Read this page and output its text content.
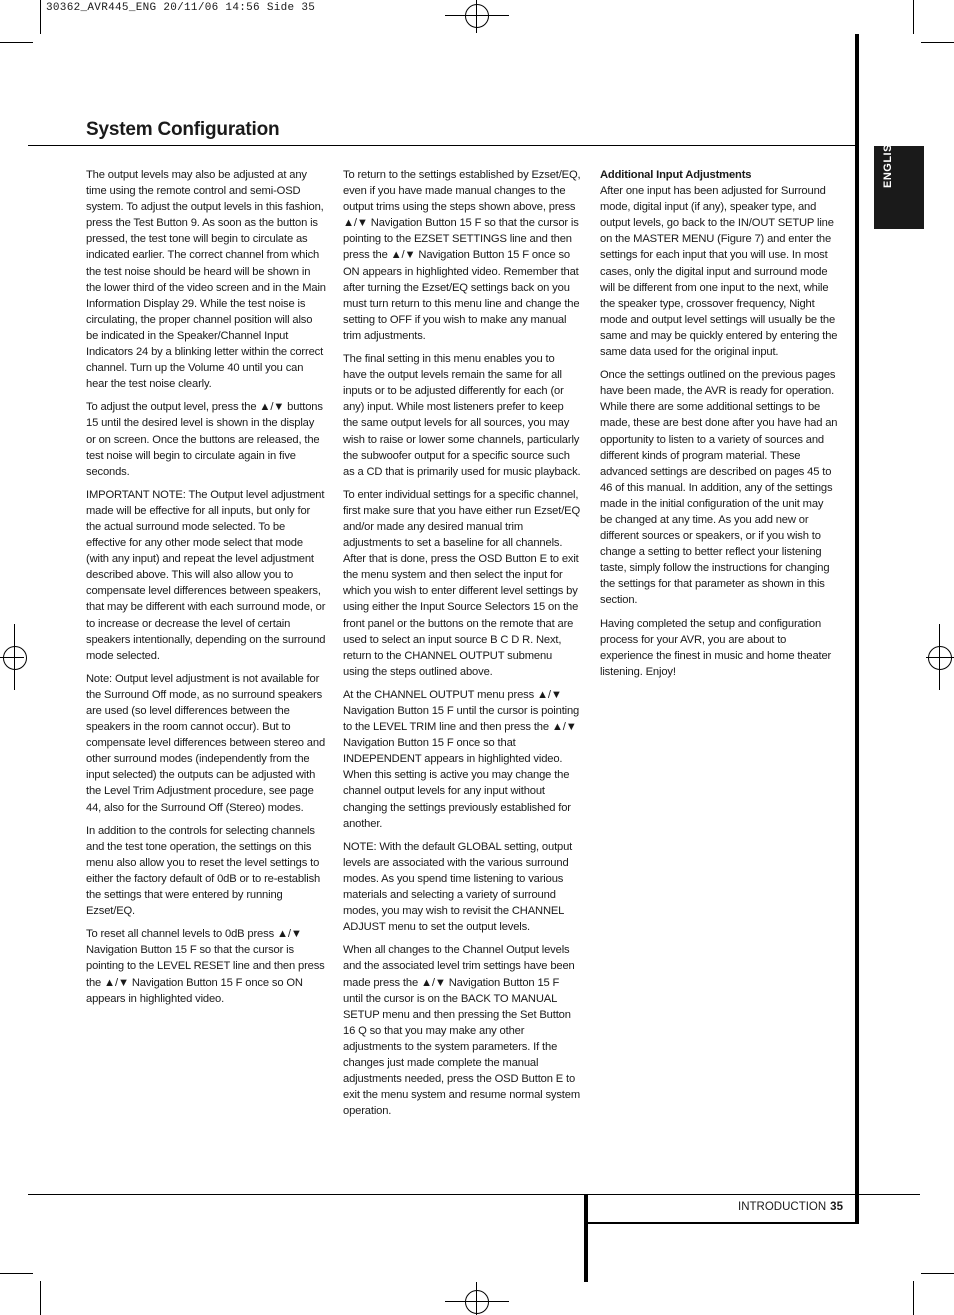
30362_AVR445_ENG 20/11/06 14:56 Side 35
System Configuration
ENGLISH

The output levels may also be adjusted at any time using the remote control and semi-OSD system. To adjust the output levels in this fashion, press the Test Button 9. As soon as the button is pressed, the test tone will begin to circulate as indicated earlier. The correct channel from which the test noise should be heard will be shown in the lower third of the video screen and in the Main Information Display 29. While the test noise is circulating, the proper channel position will also be indicated in the Speaker/Channel Input Indicators 24 by a blinking letter within the correct channel. Turn up the Volume 40 until you can hear the test noise clearly.

To adjust the output level, press the ▲/▼ buttons 15 until the desired level is shown in the display or on screen. Once the buttons are released, the test noise will begin to circulate again in five seconds.

IMPORTANT NOTE: The Output level adjustment made will be effective for all inputs, but only for the actual surround mode selected. To be effective for any other mode select that mode (with any input) and repeat the level adjustment described above. This will also allow you to compensate level differences between speakers, that may be different with each surround mode, or to increase or decrease the level of certain speakers intentionally, depending on the surround mode selected.

Note: Output level adjustment is not available for the Surround Off mode, as no surround speakers are used (so level differences between the speakers in the room cannot occur). But to compensate level differences between stereo and other surround modes (independently from the input selected) the outputs can be adjusted with the Level Trim Adjustment procedure, see page 44, also for the Surround Off (Stereo) modes.

In addition to the controls for selecting channels and the test tone operation, the settings on this menu also allow you to reset the level settings to either the factory default of 0dB or to re-establish the settings that were entered by running Ezset/EQ.

To reset all channel levels to 0dB press ▲/▼ Navigation Button 15 F so that the cursor is pointing to the LEVEL RESET line and then press the ▲/▼ Navigation Button 15 F once so ON appears in highlighted video.

To return to the settings established by Ezset/EQ, even if you have made manual changes to the output trims using the steps shown above, press ▲/▼ Navigation Button 15 F so that the cursor is pointing to the EZSET SETTINGS line and then press the ▲/▼ Navigation Button 15 F once so ON appears in highlighted video. Remember that after turning the Ezset/EQ settings back on you must turn return to this menu line and change the setting to OFF if you wish to make any manual trim adjustments.

The final setting in this menu enables you to have the output levels remain the same for all inputs or to be adjusted differently for each (or any) input. While most listeners prefer to keep the same output levels for all sources, you may wish to raise or lower some channels, particularly the subwoofer output for a specific source such as a CD that is primarily used for music playback.

To enter individual settings for a specific channel, first make sure that you have either run Ezset/EQ and/or made any desired manual trim adjustments to set a baseline for all channels. After that is done, press the OSD Button E to exit the menu system and then select the input for which you wish to enter different level settings by using either the Input Source Selectors 15 on the front panel or the buttons on the remote that are used to select an input source B C D R. Next, return to the CHANNEL OUTPUT submenu using the steps outlined above.

At the CHANNEL OUTPUT menu press ▲/▼ Navigation Button 15 F until the cursor is pointing to the LEVEL TRIM line and then press the ▲/▼ Navigation Button 15 F once so that INDEPENDENT appears in highlighted video. When this setting is active you may change the channel output levels for any input without changing the settings previously established for another.

NOTE: With the default GLOBAL setting, output levels are associated with the various surround modes. As you spend time listening to various materials and selecting a variety of surround modes, you may wish to revisit the CHANNEL ADJUST menu to set the output levels.

When all changes to the Channel Output levels and the associated level trim settings have been made press the ▲/▼ Navigation Button 15 F until the cursor is on the BACK TO MANUAL SETUP menu and then pressing the Set Button 16 Q so that you may make any other adjustments to the system parameters. If the changes just made complete the manual adjustments needed, press the OSD Button E to exit the menu system and resume normal system operation.

Additional Input Adjustments

After one input has been adjusted for Surround mode, digital input (if any), speaker type, and output levels, go back to the IN/OUT SETUP line on the MASTER MENU (Figure 7) and enter the settings for each input that you will use. In most cases, only the digital input and surround mode will be different from one input to the next, while the speaker type, crossover frequency, Night mode and output level settings will usually be the same and may be quickly entered by entering the same data used for the original input.

Once the settings outlined on the previous pages have been made, the AVR is ready for operation. While there are some additional settings to be made, these are best done after you have had an opportunity to listen to a variety of sources and different kinds of program material. These advanced settings are described on pages 45 to 46 of this manual. In addition, any of the settings made in the initial configuration of the unit may be changed at any time. As you add new or different sources or speakers, or if you wish to change a setting to better reflect your listening taste, simply follow the instructions for changing the settings for that parameter as shown in this section.

Having completed the setup and configuration process for your AVR, you are about to experience the finest in music and home theater listening. Enjoy!

INTRODUCTION 35
